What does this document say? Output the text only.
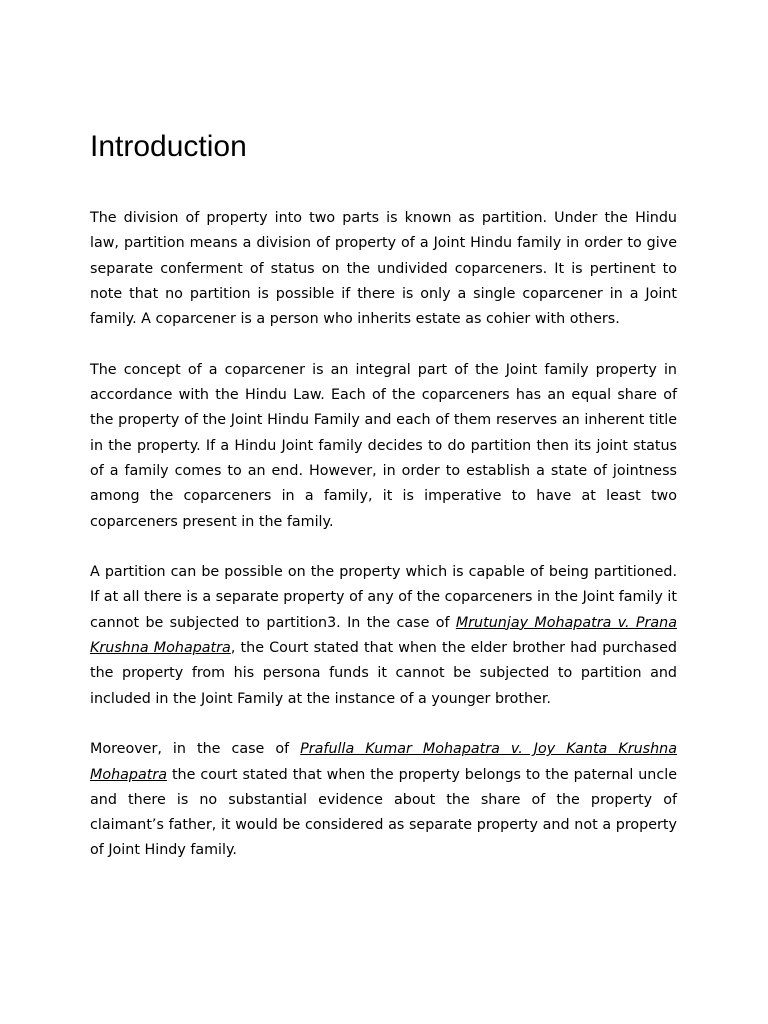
Introduction

The division of property into two parts is known as partition. Under the Hindu law, partition means a division of property of a Joint Hindu family in order to give separate conferment of status on the undivided coparceners. It is pertinent to note that no partition is possible if there is only a single coparcener in a Joint family. A coparcener is a person who inherits estate as cohier with others.

The concept of a coparcener is an integral part of the Joint family property in accordance with the Hindu Law. Each of the coparceners has an equal share of the property of the Joint Hindu Family and each of them reserves an inherent title in the property. If a Hindu Joint family decides to do partition then its joint status of a family comes to an end. However, in order to establish a state of jointness among the coparceners in a family, it is imperative to have at least two coparceners present in the family.

A partition can be possible on the property which is capable of being partitioned. If at all there is a separate property of any of the coparceners in the Joint family it cannot be subjected to partition3. In the case of Mrutunjay Mohapatra v. Prana Krushna Mohapatra, the Court stated that when the elder brother had purchased the property from his persona funds it cannot be subjected to partition and included in the Joint Family at the instance of a younger brother.

Moreover, in the case of Prafulla Kumar Mohapatra v. Joy Kanta Krushna Mohapatra the court stated that when the property belongs to the paternal uncle and there is no substantial evidence about the share of the property of claimant’s father, it would be considered as separate property and not a property of Joint Hindy family.
